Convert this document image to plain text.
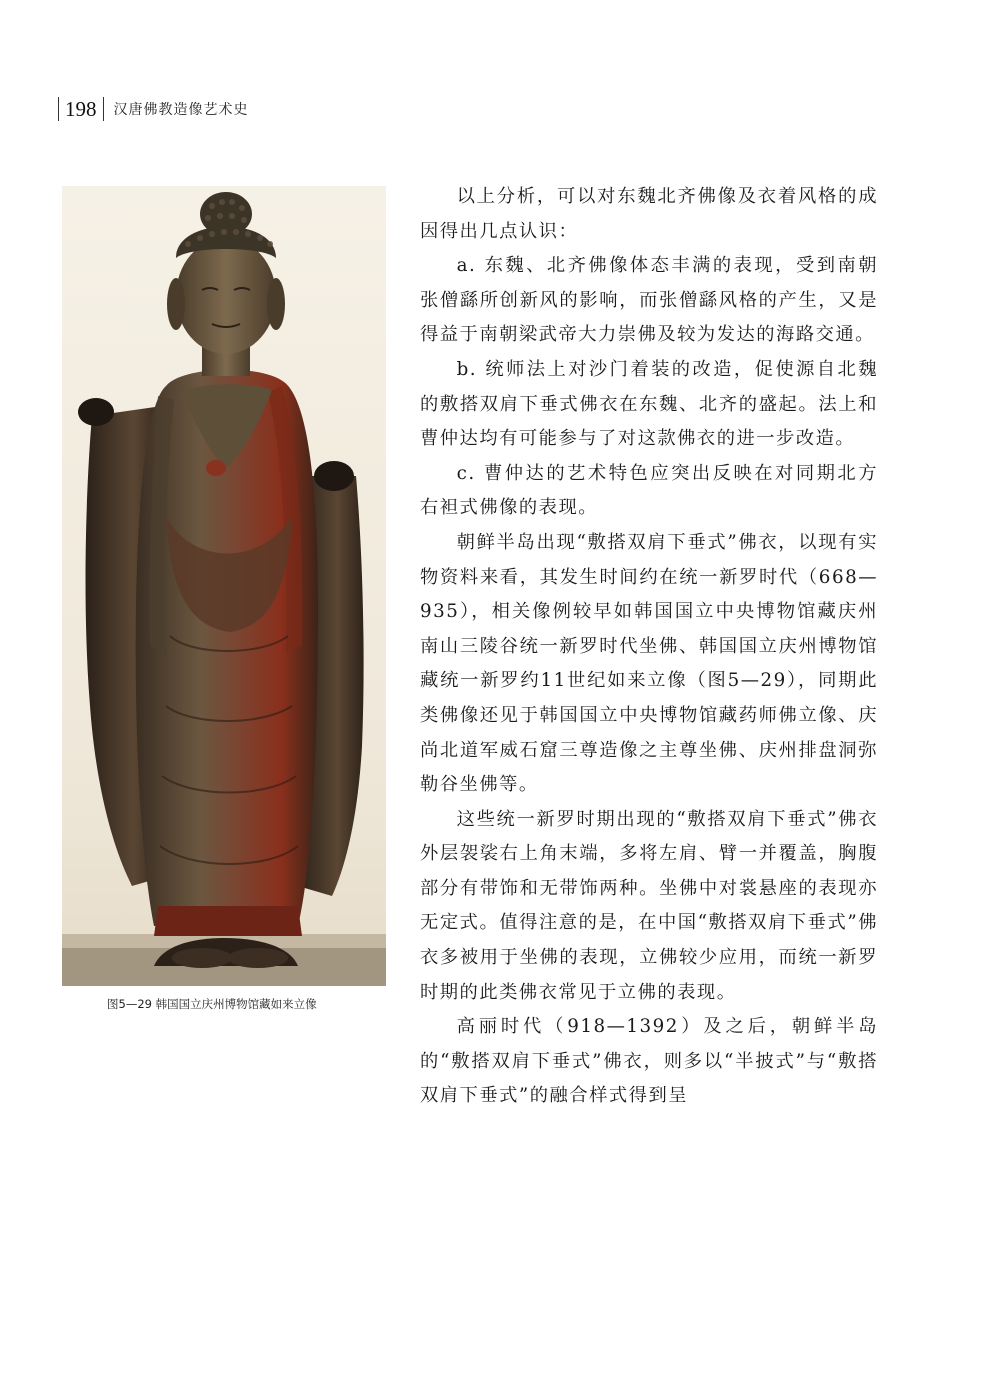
198	汉唐佛教造像艺术史
图5—29 韩国国立庆州博物馆藏如来立像

以上分析，可以对东魏北齐佛像及衣着风格的成因得出几点认识：

a. 东魏、北齐佛像体态丰满的表现，受到南朝张僧繇所创新风的影响，而张僧繇风格的产生，又是得益于南朝梁武帝大力崇佛及较为发达的海路交通。

b. 统师法上对沙门着装的改造，促使源自北魏的敷搭双肩下垂式佛衣在东魏、北齐的盛起。法上和曹仲达均有可能参与了对这款佛衣的进一步改造。

c. 曹仲达的艺术特色应突出反映在对同期北方右袒式佛像的表现。

朝鲜半岛出现“敷搭双肩下垂式”佛衣，以现有实物资料来看，其发生时间约在统一新罗时代（668—935），相关像例较早如韩国国立中央博物馆藏庆州南山三陵谷统一新罗时代坐佛、韩国国立庆州博物馆藏统一新罗约11世纪如来立像（图5—29），同期此类佛像还见于韩国国立中央博物馆藏药师佛立像、庆尚北道军威石窟三尊造像之主尊坐佛、庆州排盘洞弥勒谷坐佛等。

这些统一新罗时期出现的“敷搭双肩下垂式”佛衣外层袈裟右上角末端，多将左肩、臂一并覆盖，胸腹部分有带饰和无带饰两种。坐佛中对裳悬座的表现亦无定式。值得注意的是，在中国“敷搭双肩下垂式”佛衣多被用于坐佛的表现，立佛较少应用，而统一新罗时期的此类佛衣常见于立佛的表现。

高丽时代（918—1392）及之后，朝鲜半岛的“敷搭双肩下垂式”佛衣，则多以“半披式”与“敷搭双肩下垂式”的融合样式得到呈
